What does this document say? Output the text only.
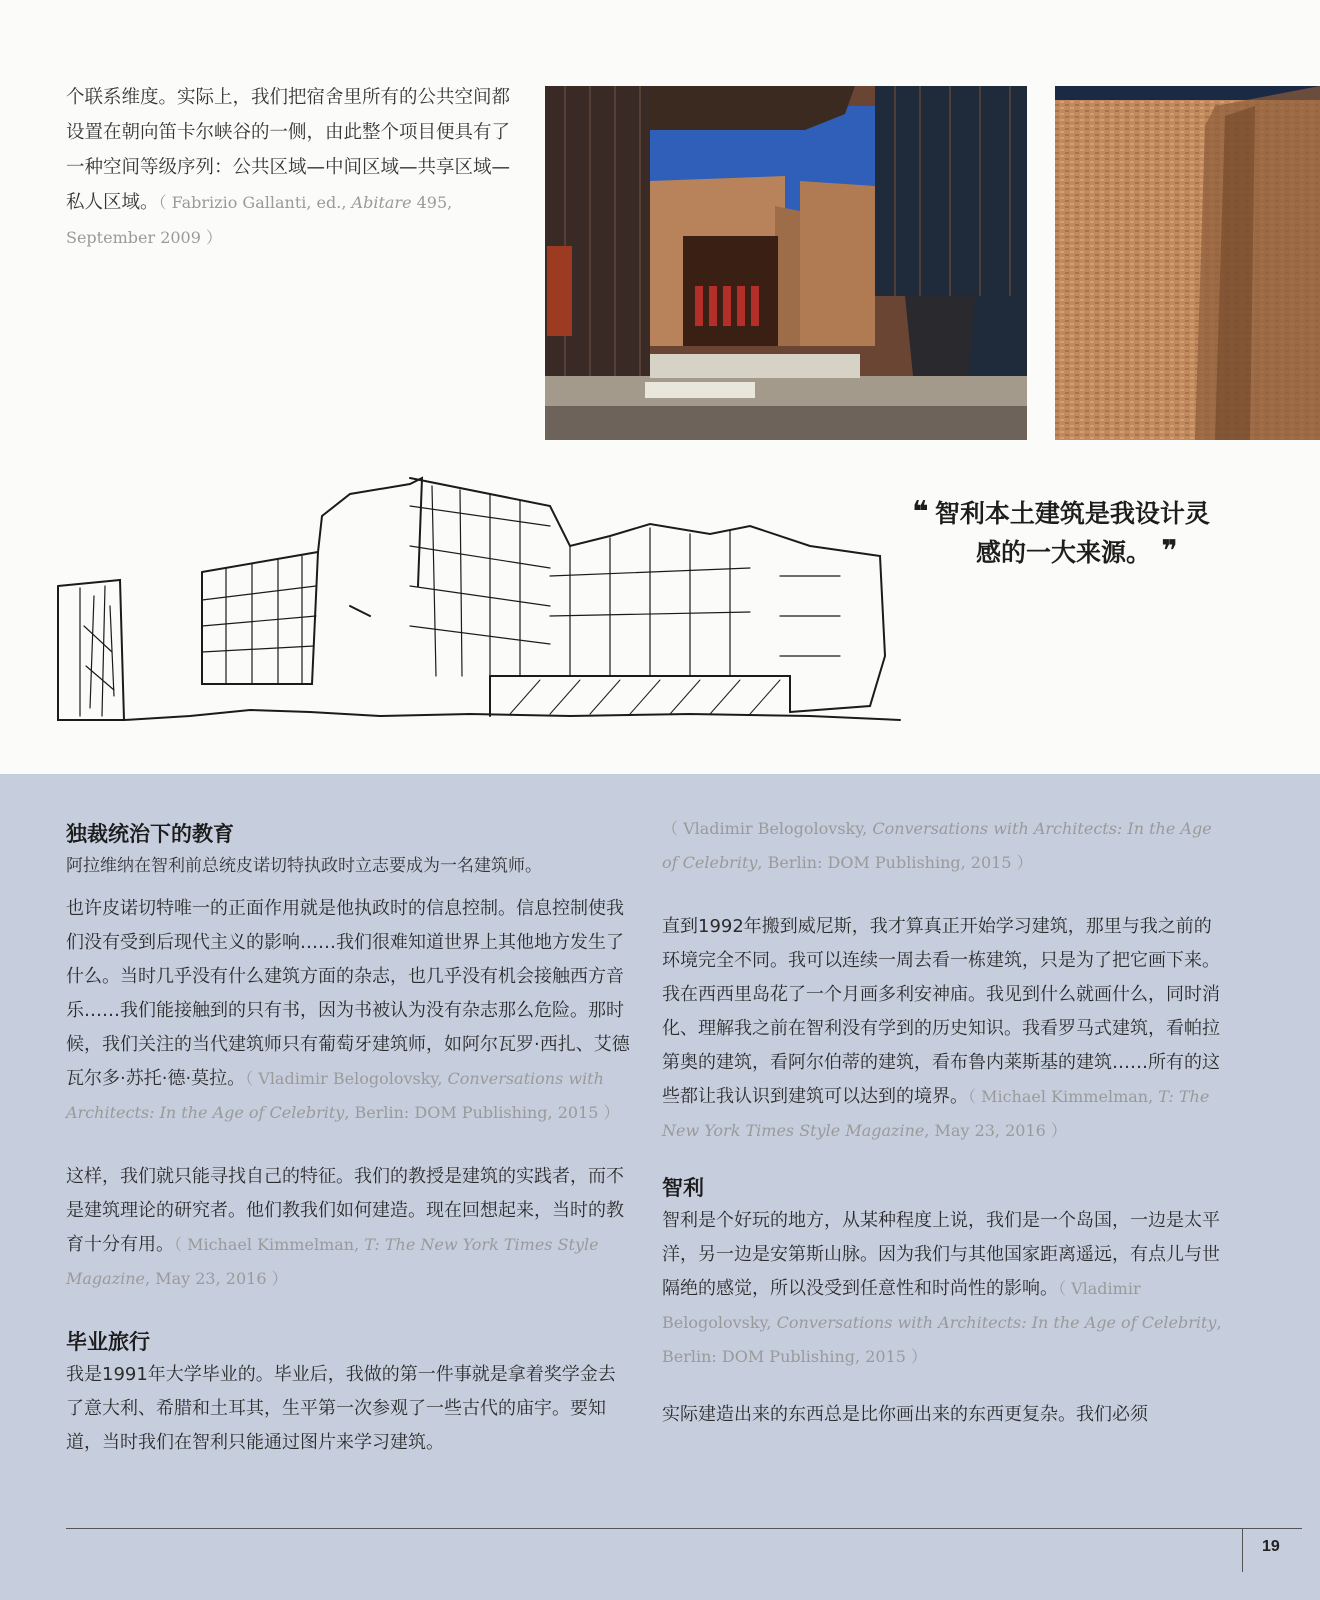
个联系维度。实际上，我们把宿舍里所有的公共空间都设置在朝向笛卡尔峡谷的一侧，由此整个项目便具有了一种空间等级序列：公共区域—中间区域—共享区域—私人区域。（ Fabrizio Gallanti, ed., Abitare 495, September 2009 ）
❛❛ 智利本土建筑是我设计灵
感的一大来源。 ❜❜
独裁统治下的教育
阿拉维纳在智利前总统皮诺切特执政时立志要成为一名建筑师。

也许皮诺切特唯一的正面作用就是他执政时的信息控制。信息控制使我们没有受到后现代主义的影响……我们很难知道世界上其他地方发生了什么。当时几乎没有什么建筑方面的杂志，也几乎没有机会接触西方音乐……我们能接触到的只有书，因为书被认为没有杂志那么危险。那时候，我们关注的当代建筑师只有葡萄牙建筑师，如阿尔瓦罗·西扎、艾德瓦尔多·苏托·德·莫拉。（ Vladimir Belogolovsky, Conversations with Architects: In the Age of Celebrity, Berlin: DOM Publishing, 2015 ）

这样，我们就只能寻找自己的特征。我们的教授是建筑的实践者，而不是建筑理论的研究者。他们教我们如何建造。现在回想起来，当时的教育十分有用。（ Michael Kimmelman, T: The New York Times Style Magazine, May 23, 2016 ）

毕业旅行

我是1991年大学毕业的。毕业后，我做的第一件事就是拿着奖学金去了意大利、希腊和土耳其，生平第一次参观了一些古代的庙宇。要知道，当时我们在智利只能通过图片来学习建筑。

（ Vladimir Belogolovsky, Conversations with Architects: In the Age of Celebrity, Berlin: DOM Publishing, 2015 ）

直到1992年搬到威尼斯，我才算真正开始学习建筑，那里与我之前的环境完全不同。我可以连续一周去看一栋建筑，只是为了把它画下来。我在西西里岛花了一个月画多利安神庙。我见到什么就画什么，同时消化、理解我之前在智利没有学到的历史知识。我看罗马式建筑，看帕拉第奥的建筑，看阿尔伯蒂的建筑，看布鲁内莱斯基的建筑……所有的这些都让我认识到建筑可以达到的境界。（ Michael Kimmelman, T: The New York Times Style Magazine, May 23, 2016 ）

智利

智利是个好玩的地方，从某种程度上说，我们是一个岛国，一边是太平洋，另一边是安第斯山脉。因为我们与其他国家距离遥远，有点儿与世隔绝的感觉，所以没受到任意性和时尚性的影响。（ Vladimir Belogolovsky, Conversations with Architects: In the Age of Celebrity, Berlin: DOM Publishing, 2015 ）

实际建造出来的东西总是比你画出来的东西更复杂。我们必须

19
